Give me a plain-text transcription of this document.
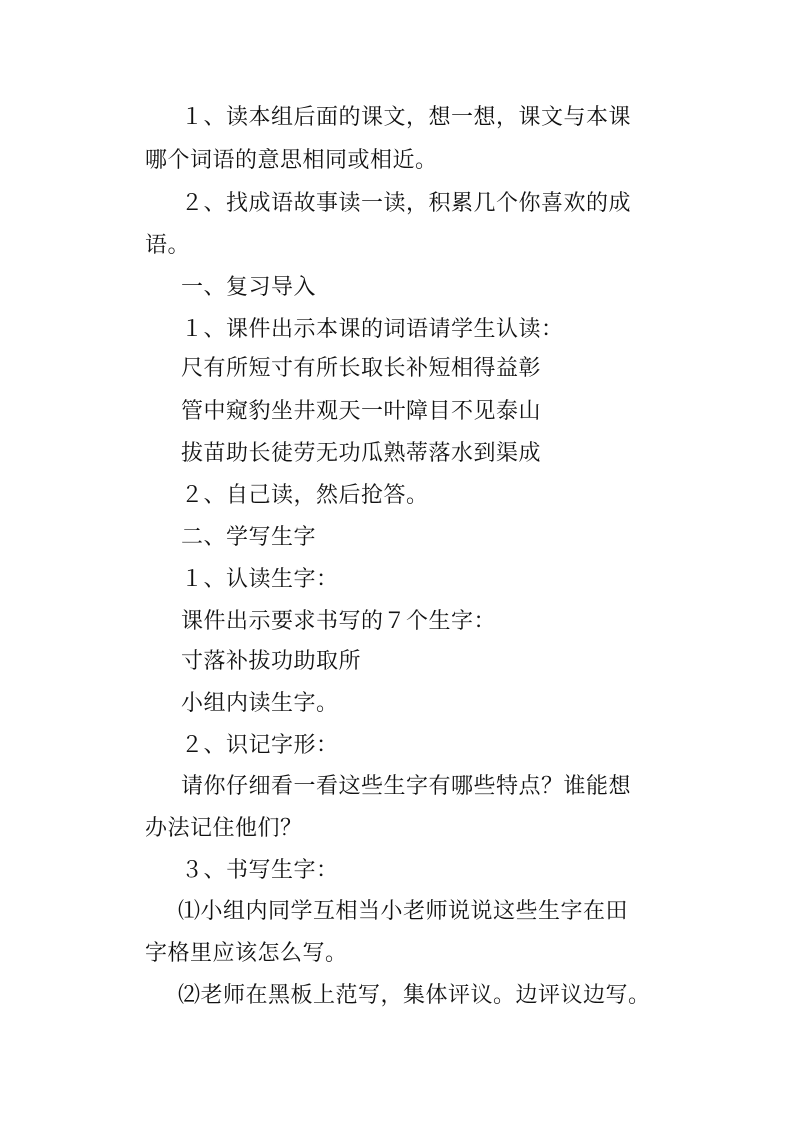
１、读本组后面的课文，想一想，课文与本课
哪个词语的意思相同或相近。
２、找成语故事读一读，积累几个你喜欢的成
语。
一、复习导入
１、课件出示本课的词语请学生认读：
尺有所短寸有所长取长补短相得益彰
管中窥豹坐井观天一叶障目不见泰山
拔苗助长徒劳无功瓜熟蒂落水到渠成
２、自己读，然后抢答。
二、学写生字
１、认读生字：
课件出示要求书写的７个生字：
寸落补拔功助取所
小组内读生字。
２、识记字形：
请你仔细看一看这些生字有哪些特点？谁能想
办法记住他们？
３、书写生字：
⑴小组内同学互相当小老师说说这些生字在田
字格里应该怎么写。
⑵老师在黑板上范写，集体评议。边评议边写。
